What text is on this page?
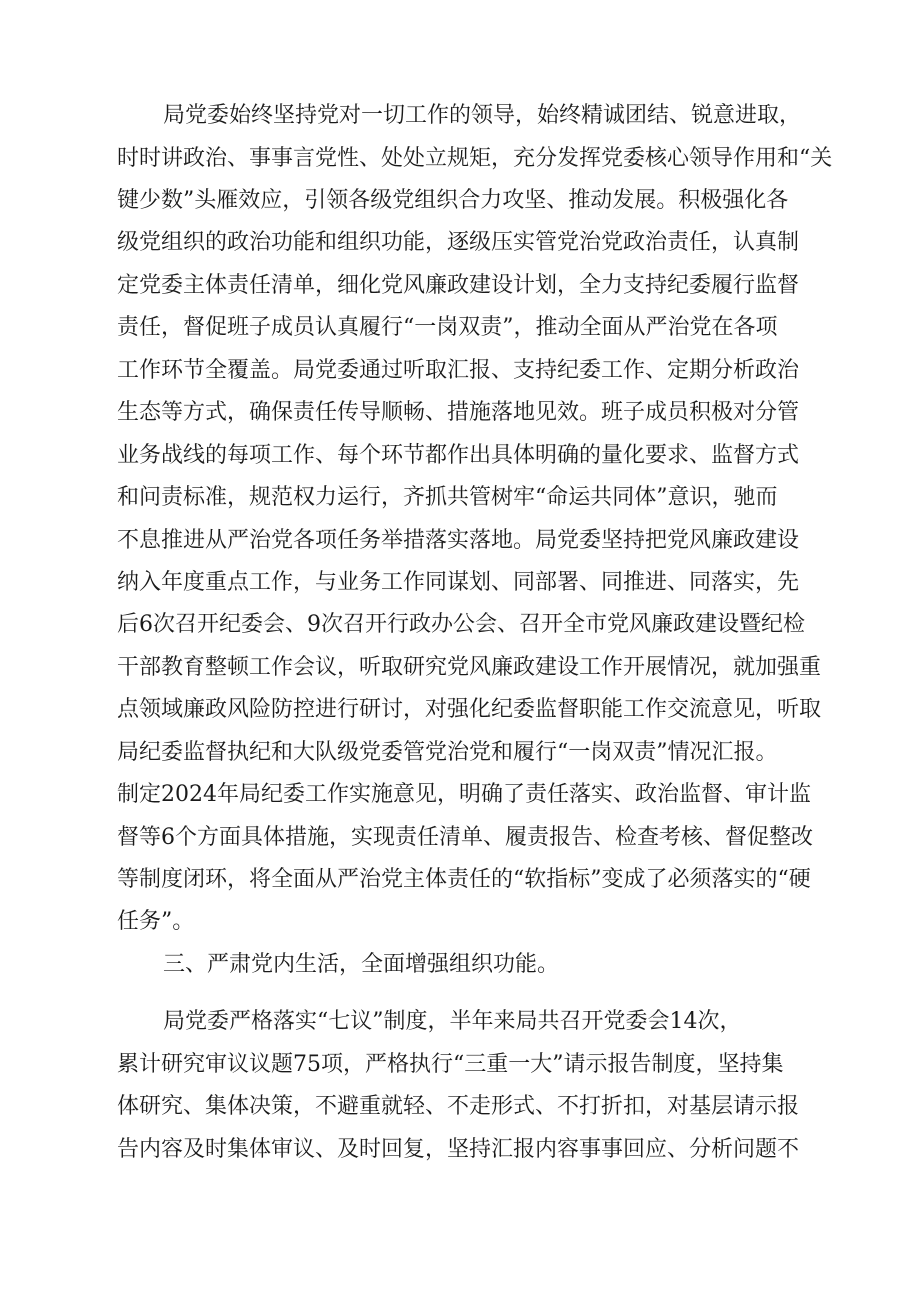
局党委始终坚持党对一切工作的领导，始终精诚团结、锐意进取，
时时讲政治、事事言党性、处处立规矩，充分发挥党委核心领导作用和“关
键少数”头雁效应，引领各级党组织合力攻坚、推动发展。积极强化各
级党组织的政治功能和组织功能，逐级压实管党治党政治责任，认真制
定党委主体责任清单，细化党风廉政建设计划，全力支持纪委履行监督
责任，督促班子成员认真履行“一岗双责”，推动全面从严治党在各项
工作环节全覆盖。局党委通过听取汇报、支持纪委工作、定期分析政治
生态等方式，确保责任传导顺畅、措施落地见效。班子成员积极对分管
业务战线的每项工作、每个环节都作出具体明确的量化要求、监督方式
和问责标准，规范权力运行，齐抓共管树牢“命运共同体”意识，驰而
不息推进从严治党各项任务举措落实落地。局党委坚持把党风廉政建设
纳入年度重点工作，与业务工作同谋划、同部署、同推进、同落实，先
后6次召开纪委会、9次召开行政办公会、召开全市党风廉政建设暨纪检
干部教育整顿工作会议，听取研究党风廉政建设工作开展情况，就加强重
点领域廉政风险防控进行研讨，对强化纪委监督职能工作交流意见，听取
局纪委监督执纪和大队级党委管党治党和履行“一岗双责”情况汇报。
制定2024年局纪委工作实施意见，明确了责任落实、政治监督、审计监
督等6个方面具体措施，实现责任清单、履责报告、检查考核、督促整改
等制度闭环，将全面从严治党主体责任的“软指标”变成了必须落实的“硬
任务”。
三、严肃党内生活，全面增强组织功能。
局党委严格落实“七议”制度，半年来局共召开党委会14次，
累计研究审议议题75项，严格执行“三重一大”请示报告制度，坚持集
体研究、集体决策，不避重就轻、不走形式、不打折扣，对基层请示报
告内容及时集体审议、及时回复，坚持汇报内容事事回应、分析问题不
